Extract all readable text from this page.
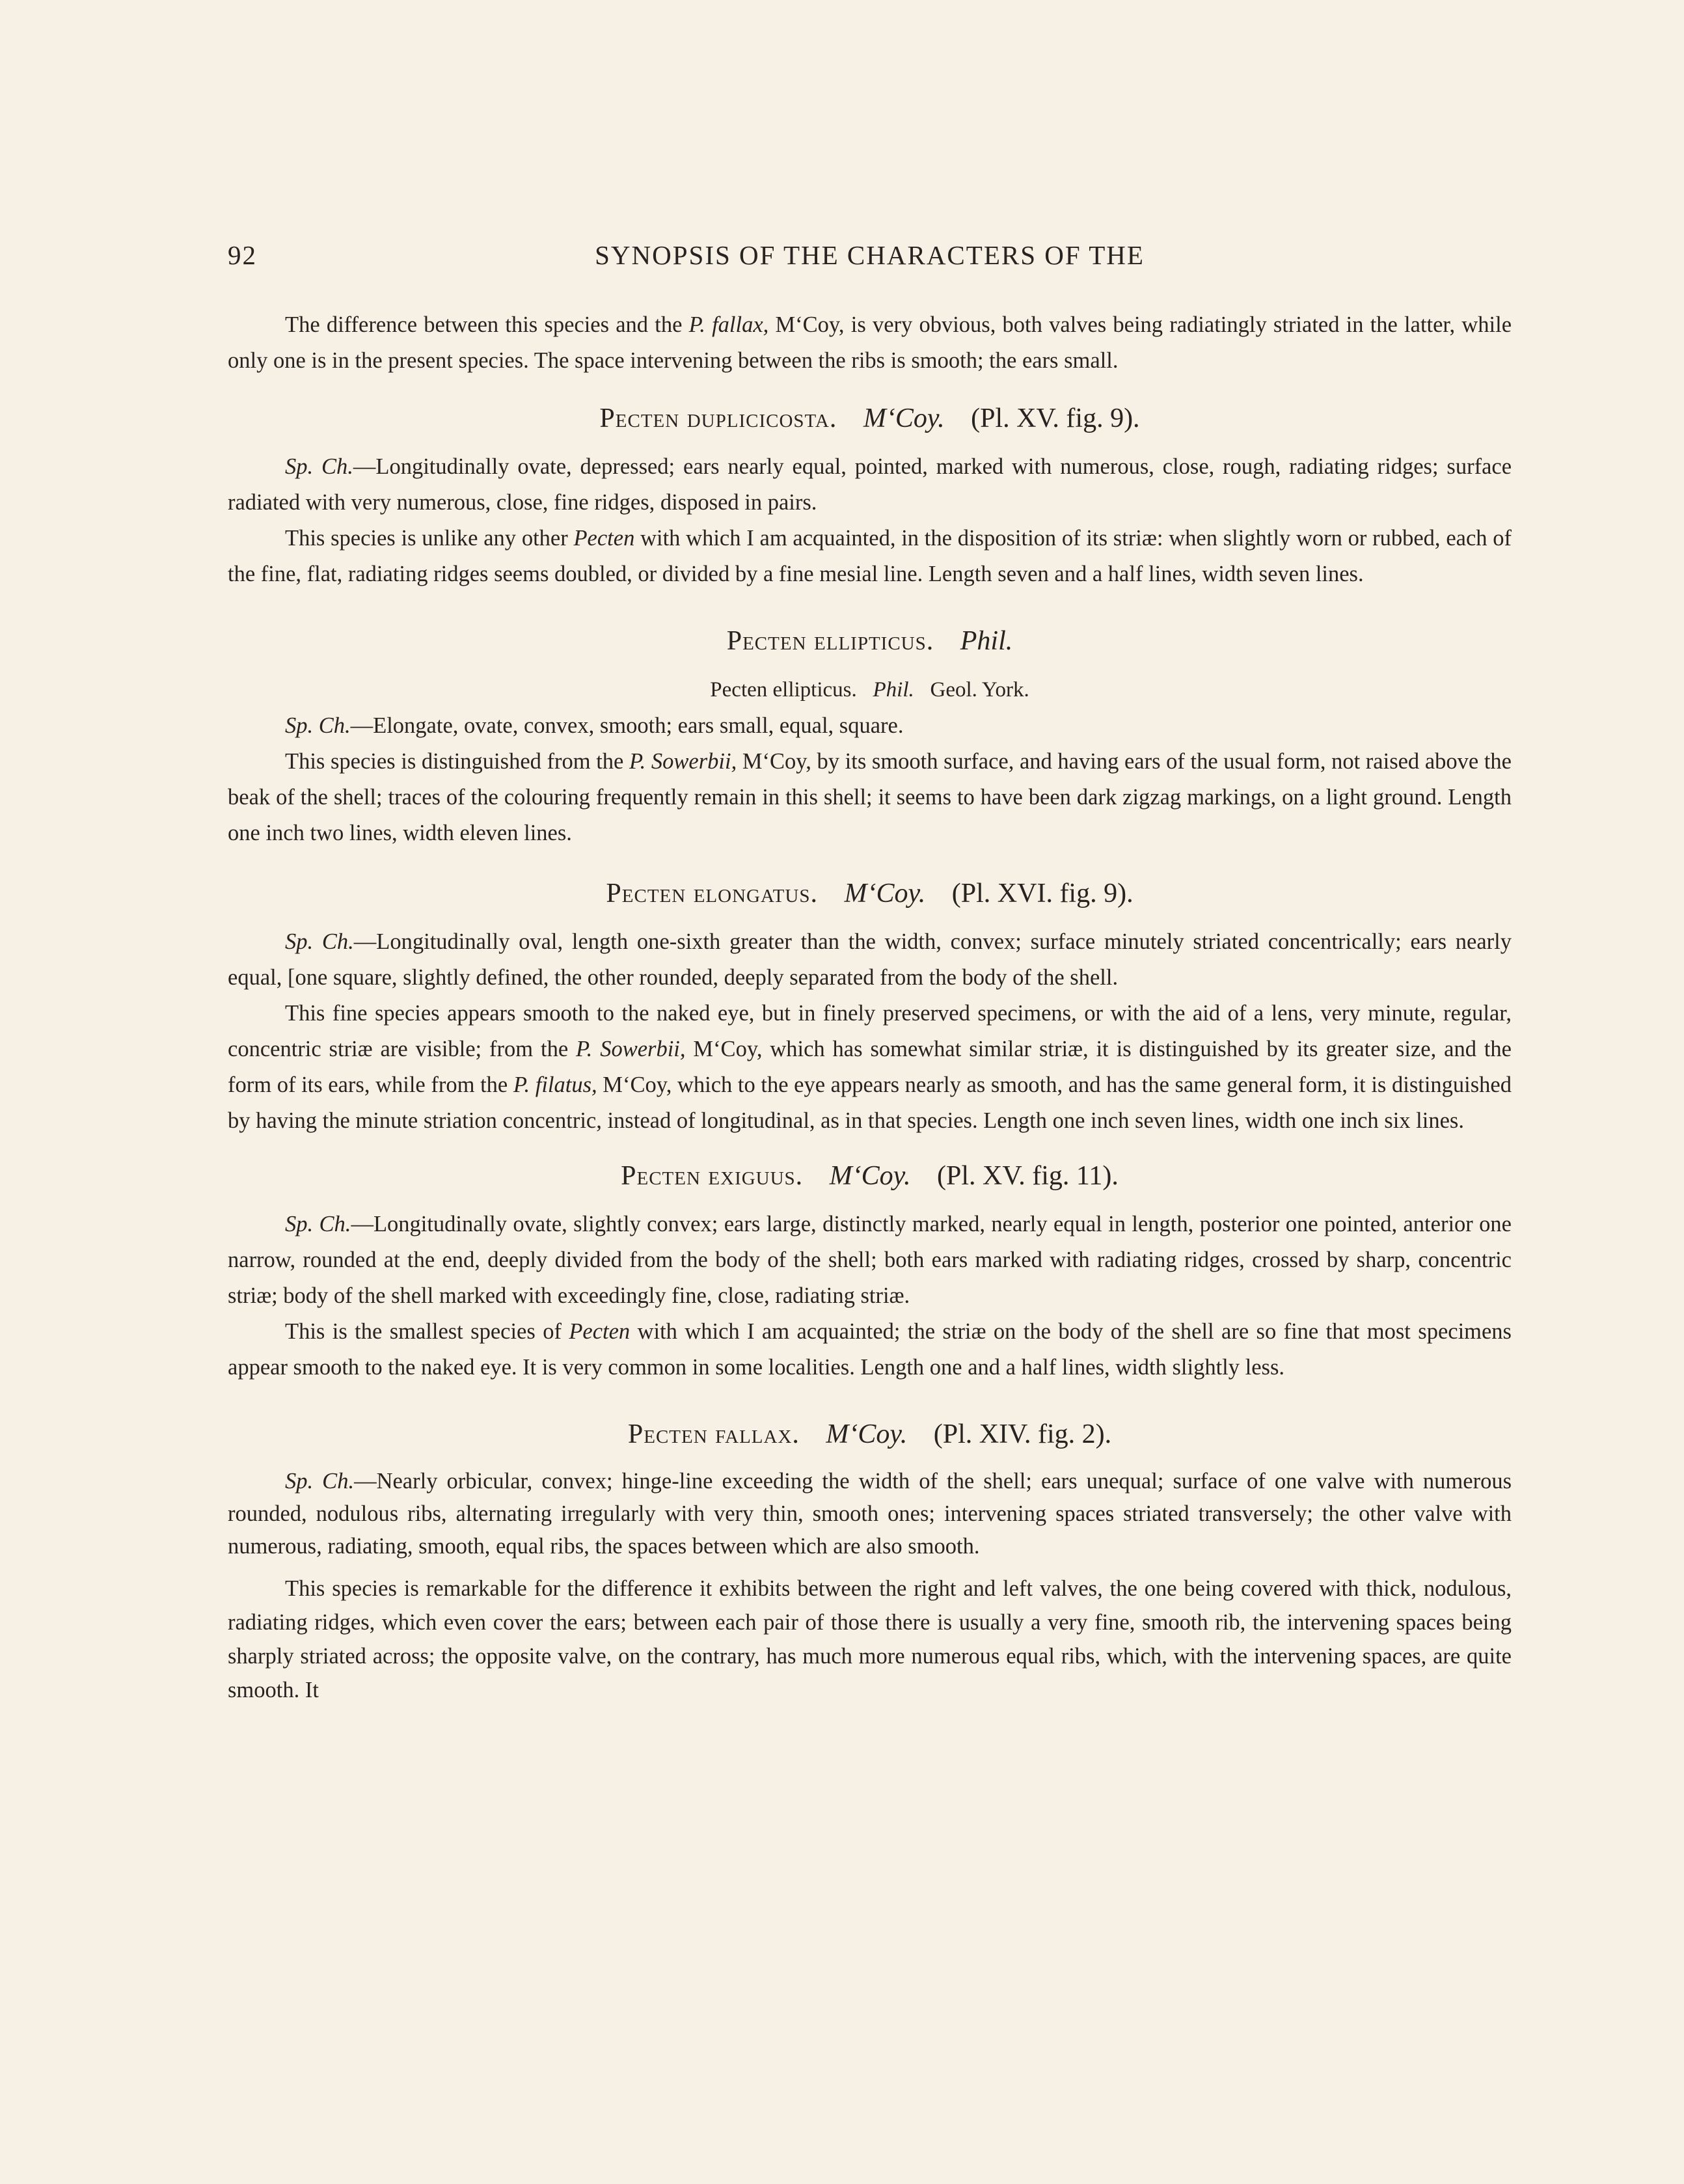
92	SYNOPSIS OF THE CHARACTERS OF THE

The difference between this species and the P. fallax, M‘Coy, is very obvious, both valves being radiatingly striated in the latter, while only one is in the present species. The space intervening between the ribs is smooth; the ears small.

Pecten duplicicosta. M‘Coy. (Pl. XV. fig. 9).

Sp. Ch.—Longitudinally ovate, depressed; ears nearly equal, pointed, marked with numerous, close, rough, radiating ridges; surface radiated with very numerous, close, fine ridges, disposed in pairs.

This species is unlike any other Pecten with which I am acquainted, in the disposition of its striæ: when slightly worn or rubbed, each of the fine, flat, radiating ridges seems doubled, or divided by a fine mesial line. Length seven and a half lines, width seven lines.

Pecten ellipticus. Phil.
Pecten ellipticus. Phil. Geol. York.

Sp. Ch.—Elongate, ovate, convex, smooth; ears small, equal, square.

This species is distinguished from the P. Sowerbii, M‘Coy, by its smooth surface, and having ears of the usual form, not raised above the beak of the shell; traces of the colouring frequently remain in this shell; it seems to have been dark zigzag markings, on a light ground. Length one inch two lines, width eleven lines.

Pecten elongatus. M‘Coy. (Pl. XVI. fig. 9).

Sp. Ch.—Longitudinally oval, length one-sixth greater than the width, convex; surface minutely striated concentrically; ears nearly equal, [one square, slightly defined, the other rounded, deeply separated from the body of the shell.

This fine species appears smooth to the naked eye, but in finely preserved specimens, or with the aid of a lens, very minute, regular, concentric striæ are visible; from the P. Sowerbii, M‘Coy, which has somewhat similar striæ, it is distinguished by its greater size, and the form of its ears, while from the P. filatus, M‘Coy, which to the eye appears nearly as smooth, and has the same general form, it is distinguished by having the minute striation concentric, instead of longitudinal, as in that species. Length one inch seven lines, width one inch six lines.

Pecten exiguus. M‘Coy. (Pl. XV. fig. 11).

Sp. Ch.—Longitudinally ovate, slightly convex; ears large, distinctly marked, nearly equal in length, posterior one pointed, anterior one narrow, rounded at the end, deeply divided from the body of the shell; both ears marked with radiating ridges, crossed by sharp, concentric striæ; body of the shell marked with exceedingly fine, close, radiating striæ.

This is the smallest species of Pecten with which I am acquainted; the striæ on the body of the shell are so fine that most specimens appear smooth to the naked eye. It is very common in some localities. Length one and a half lines, width slightly less.

Pecten fallax. M‘Coy. (Pl. XIV. fig. 2).

Sp. Ch.—Nearly orbicular, convex; hinge-line exceeding the width of the shell; ears unequal; surface of one valve with numerous rounded, nodulous ribs, alternating irregularly with very thin, smooth ones; intervening spaces striated transversely; the other valve with numerous, radiating, smooth, equal ribs, the spaces between which are also smooth.

This species is remarkable for the difference it exhibits between the right and left valves, the one being covered with thick, nodulous, radiating ridges, which even cover the ears; between each pair of those there is usually a very fine, smooth rib, the intervening spaces being sharply striated across; the opposite valve, on the contrary, has much more numerous equal ribs, which, with the intervening spaces, are quite smooth. It
